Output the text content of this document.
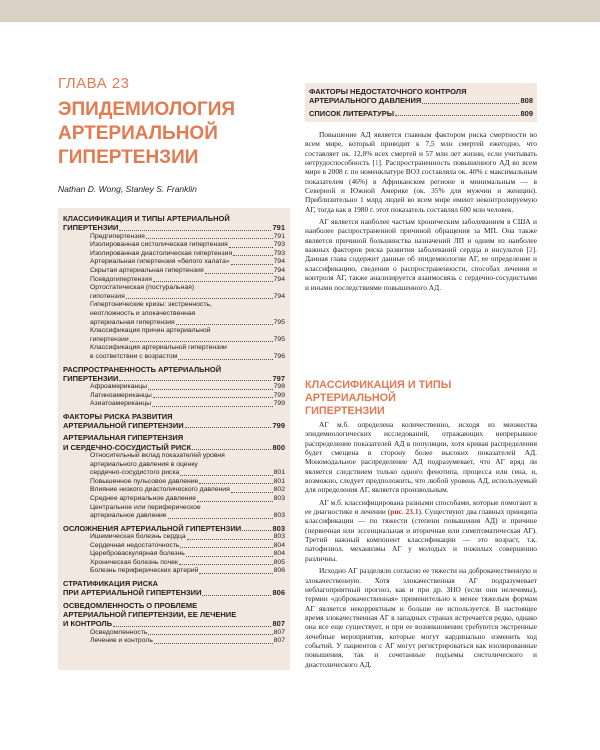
ГЛАВА 23
ЭПИДЕМИОЛОГИЯ
АРТЕРИАЛЬНОЙ
ГИПЕРТЕНЗИИ
Nathan D. Wong, Stanley S. Franklin
КЛАССИФИКАЦИЯ И ТИПЫ АРТЕРИАЛЬНОЙ
ГИПЕРТЕНЗИИ	791
Предгипертензия	791
Изолированная систолическая гипертензия	793
Изолированная диастолическая гипертензия	793
Артериальная гипертензия «белого халата»	794
Скрытая артериальная гипертензия	794
Псевдогипертензия	794
Ортостатическая (постуральная)
гипотензия	794
Гипертонические кризы: экстренность,
неотложность и злокачественная
артериальная гипертензия	795
Классификация причин артериальной
гипертензии	795
Классификация артериальной гипертензии
в соответствии с возрастом	796
РАСПРОСТРАНЕННОСТЬ АРТЕРИАЛЬНОЙ
ГИПЕРТЕНЗИИ	797
Афроамериканцы	798
Латиноамериканцы	799
Азиатоамериканцы	799
ФАКТОРЫ РИСКА РАЗВИТИЯ
АРТЕРИАЛЬНОЙ ГИПЕРТЕНЗИИ	799
АРТЕРИАЛЬНАЯ ГИПЕРТЕНЗИЯ
И СЕРДЕЧНО-СОСУДИСТЫЙ РИСК	800
Относительный вклад показателей уровня
артериального давления в оценку
сердечно-сосудистого риска	801
Повышенное пульсовое давление	801
Влияние низкого диастолического давления	802
Среднее артериальное давление	803
Центральное или периферическое
артериальное давление	803
ОСЛОЖНЕНИЯ АРТЕРИАЛЬНОЙ ГИПЕРТЕНЗИИ	803
Ишемическая болезнь сердца	803
Сердечная недостаточность	804
Цереброваскулярная болезнь	804
Хроническая болезнь почек	805
Болезнь периферических артерий	806
СТРАТИФИКАЦИЯ РИСКА
ПРИ АРТЕРИАЛЬНОЙ ГИПЕРТЕНЗИИ	806
ОСВЕДОМЛЕННОСТЬ О ПРОБЛЕМЕ
АРТЕРИАЛЬНОЙ ГИПЕРТЕНЗИИ, ЕЕ ЛЕЧЕНИЕ
И КОНТРОЛЬ	807
Осведомленность	807
Лечение и контроль	807
ФАКТОРЫ НЕДОСТАТОЧНОГО КОНТРОЛЯ
АРТЕРИАЛЬНОГО ДАВЛЕНИЯ	808
СПИСОК ЛИТЕРАТУРЫ	809

Повышение АД является главным фактором риска смертности во всем мире, который приводит к 7,5 млн смертей ежегодно, что составляет ок. 12,8% всех смертей и 57 млн лет жизни, если учитывать нетрудоспособность [1]. Распространенность повышенного АД во всем мире в 2008 г. по номенклатуре ВОЗ составляла ок. 40% с максимальным показателем (46%) в Африканском регионе и минимальным — в Северной и Южной Америке (ок. 35% для мужчин и женщин). Приблизительно 1 млрд людей во всем мире имеют неконтролируемую АГ, тогда как в 1980 г. этот показатель составлял 600 млн человек.

АГ является наиболее частым хроническим заболеванием в США и наиболее распространенной причиной обращения за МП. Она также является причиной большинства назначений ЛП и одним из наиболее важных факторов риска развития заболеваний сердца и инсультов [2]. Данная глава содержит данные об эпидемиологии АГ, ее определение и классификацию, сведения о распространенности, способах лечения и контроля АГ, также анализируется взаимосвязь с сердечно-сосудистыми и иными последствиями повышенного АД.

КЛАССИФИКАЦИЯ И ТИПЫ АРТЕРИАЛЬНОЙ
ГИПЕРТЕНЗИИ

АГ м.б. определена количественно, исходя из множества эпидемиологических исследований, отражающих непрерывное распределение показателей АД в популяции, хотя кривая распределения будет смещена в сторону более высоких показателей АД. Мономодальное распределение АД подразумевает, что АГ вряд ли является следствием только одного фенотипа, процесса или гена, и, возможно, следует предположить, что любой уровень АД, используемый для определения АГ, является произвольным.

АГ м.б. классифицирована разными способами, которые помогают в ее диагностике и лечении (рис. 23.1). Существуют два главных принципа классификации — по тяжести (степени повышения АД) и причине (первичная или эссенциальная и вторичная или симптоматическая АГ). Третий важный компонент классификации — это возраст, т.к. патофизиол. механизмы АГ у молодых и пожилых совершенно различны.

Исходно АГ разделяли согласно ее тяжести на доброкачественную и злокачественную. Хотя злокачественная АГ подразумевает неблагоприятный прогноз, как и при др. ЗНО (если они нелечимы), термин «доброкачественная» применительно к менее тяжелым формам АГ является некорректным и больше не используется. В настоящее время злокачественная АГ в западных странах встречается редко, однако она все еще существует, и при ее возникновении требуются экстренные лечебные мероприятия, которые могут кардинально изменить ход событий. У пациентов с АГ могут регистрироваться как изолированные повышения, так и сочетанные подъемы систолического и диастолического АД.
